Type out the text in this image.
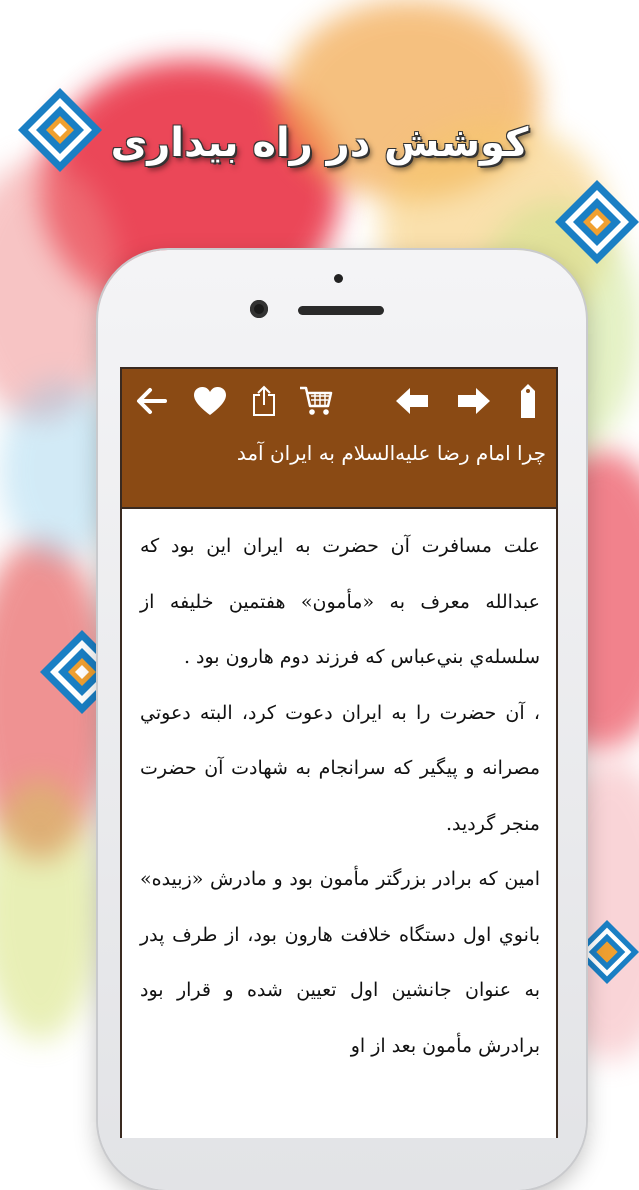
کوشش در راه بیداری
چرا امام رضا علیه‌السلام به ایران آمد

علت مسافرت آن حضرت به ایران این بود که عبدالله معرف به «مأمون» هفتمین خلیفه از سلسله‌ي بني‌عباس که فرزند دوم هارون بود .

، آن حضرت را به ایران دعوت کرد، البته دعوتي مصرانه و پیگیر که سرانجام به شهادت آن حضرت منجر گردید.

امین که برادر بزرگتر مأمون بود و مادرش «زبیده» بانوي اول دستگاه خلافت هارون بود، از طرف پدر به عنوان جانشین اول تعیین شده و قرار بود برادرش مأمون بعد از او
